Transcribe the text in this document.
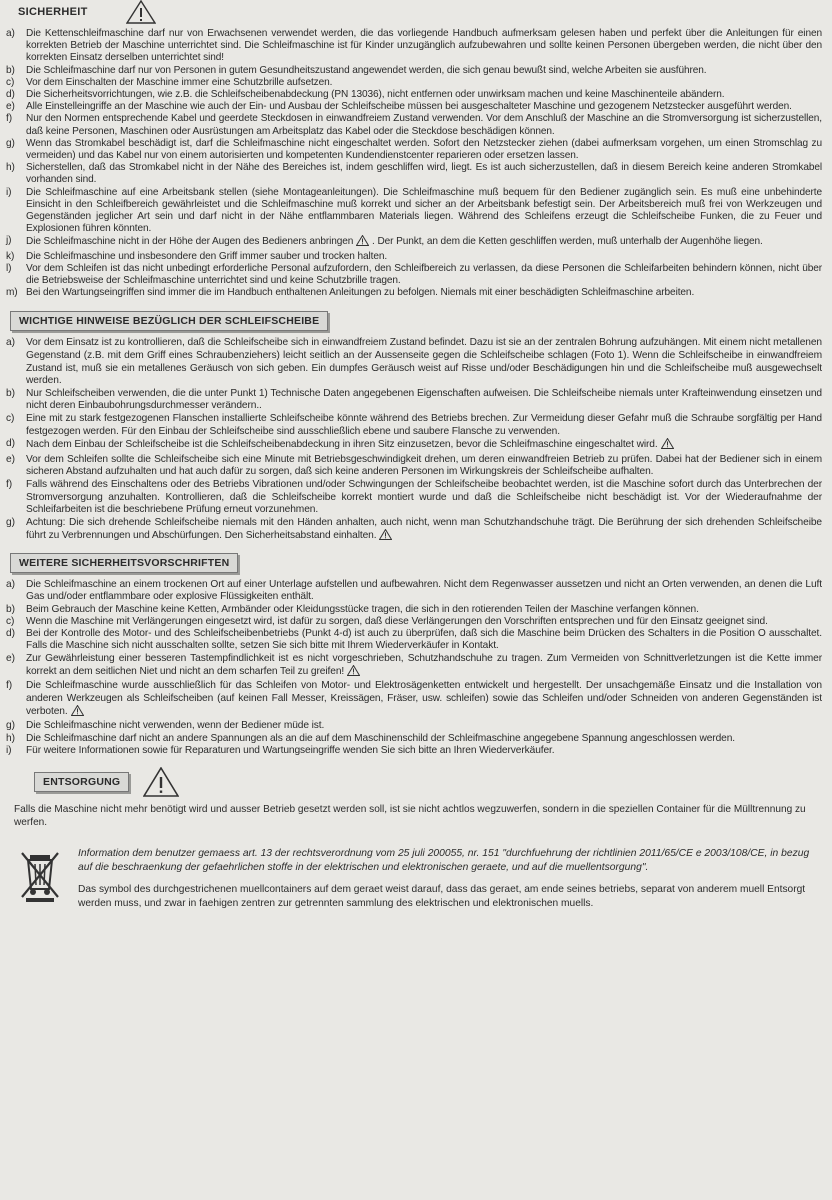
SICHERHEIT
a)	Die Kettenschleifmaschine darf nur von Erwachsenen verwendet werden, die das vorliegende Handbuch aufmerksam gelesen haben und perfekt über die Anleitungen für einen korrekten Betrieb der Maschine unterrichtet sind. Die Schleifmaschine ist für Kinder unzugänglich aufzubewahren und sollte keinen Personen übergeben werden, die nicht über den korrekten Einsatz derselben unterrichtet sind!
b)	Die Schleifmaschine darf nur von Personen in gutem Gesundheitszustand angewendet werden, die sich genau bewußt sind, welche Arbeiten sie ausführen.
c)	Vor dem Einschalten der Maschine immer eine Schutzbrille aufsetzen.
d)	Die Sicherheitsvorrichtungen, wie z.B. die Schleifscheibenabdeckung (PN 13036), nicht entfernen oder unwirksam machen und keine Maschinenteile abändern.
e)	Alle Einstelleingriffe an der Maschine wie auch der Ein- und Ausbau der Schleifscheibe müssen bei ausgeschalteter Maschine und gezogenem Netzstecker ausgeführt werden.
f)	Nur den Normen entsprechende Kabel und geerdete Steckdosen in einwandfreiem Zustand verwenden. Vor dem Anschluß der Maschine an die Stromversorgung ist sicherzustellen, daß keine Personen, Maschinen oder Ausrüstungen am Arbeitsplatz das Kabel oder die Steckdose beschädigen können.
g)	Wenn das Stromkabel beschädigt ist, darf die Schleifmaschine nicht eingeschaltet werden. Sofort den Netzstecker ziehen (dabei aufmerksam vorgehen, um einen Stromschlag zu vermeiden) und das Kabel nur von einem autorisierten und kompetenten Kundendienstcenter reparieren oder ersetzen lassen.
h)	Sicherstellen, daß das Stromkabel nicht in der Nähe des Bereiches ist, indem geschliffen wird, liegt. Es ist auch sicherzustellen, daß in diesem Bereich keine anderen Stromkabel vorhanden sind.
i)	Die Schleifmaschine auf eine Arbeitsbank stellen (siehe Montageanleitungen). Die Schleifmaschine muß bequem für den Bediener zugänglich sein. Es muß eine unbehinderte Einsicht in den Schleifbereich gewährleistet und die Schleifmaschine muß korrekt und sicher an der Arbeitsbank befestigt sein. Der Arbeitsbereich muß frei von Werkzeugen und Gegenständen jeglicher Art sein und darf nicht in der Nähe entflammbaren Materials liegen. Während des Schleifens erzeugt die Schleifscheibe Funken, die zu Feuer und Explosionen führen könnten.
j)	Die Schleifmaschine nicht in der Höhe der Augen des Bedieners anbringen . Der Punkt, an dem die Ketten geschliffen werden, muß unterhalb der Augenhöhe liegen.
k)	Die Schleifmaschine und insbesondere den Griff immer sauber und trocken halten.
l)	Vor dem Schleifen ist das nicht unbedingt erforderliche Personal aufzufordern, den Schleifbereich zu verlassen, da diese Personen die Schleifarbeiten behindern können, nicht über die Betriebsweise der Schleifmaschine unterrichtet sind und keine Schutzbrille tragen.
m) Bei den Wartungseingriffen sind immer die im Handbuch enthaltenen Anleitungen zu befolgen. Niemals mit einer beschädigten Schleifmaschine arbeiten.
WICHTIGE HINWEISE BEZÜGLICH DER SCHLEIFSCHEIBE
a)	Vor dem Einsatz ist zu kontrollieren, daß die Schleifscheibe sich in einwandfreiem Zustand befindet. Dazu ist sie an der zentralen Bohrung aufzuhängen. Mit einem nicht metallenen Gegenstand (z.B. mit dem Griff eines Schraubenziehers) leicht seitlich an der Aussenseite gegen die Schleifscheibe schlagen (Foto 1). Wenn die Schleifscheibe in einwandfreiem Zustand ist, muß sie ein metallenes Geräusch von sich geben. Ein dumpfes Geräusch weist auf Risse und/oder Beschädigungen hin und die Schleifscheibe muß ausgewechselt werden.
b)	Nur Schleifscheiben verwenden, die die unter Punkt 1) Technische Daten angegebenen Eigenschaften aufweisen. Die Schleifscheibe niemals unter Krafteinwendung einsetzen und nicht deren Einbaubohrungsdurchmesser verändern..
c)	Eine mit zu stark festgezogenen Flanschen installierte Schleifscheibe könnte während des Betriebs brechen. Zur Vermeidung dieser Gefahr muß die Schraube sorgfältig per Hand festgezogen werden. Für den Einbau der Schleifscheibe sind ausschließlich ebene und saubere Flansche zu verwenden.
d)	Nach dem Einbau der Schleifscheibe ist die Schleifscheibenabdeckung in ihren Sitz einzusetzen, bevor die Schleifmaschine eingeschaltet wird.
e)	Vor dem Schleifen sollte die Schleifscheibe sich eine Minute mit Betriebsgeschwindigkeit drehen, um deren einwandfreien Betrieb zu prüfen. Dabei hat der Bediener sich in einem sicheren Abstand aufzuhalten und hat auch dafür zu sorgen, daß sich keine anderen Personen im Wirkungskreis der Schleifscheibe aufhalten.
f)	Falls während des Einschaltens oder des Betriebs Vibrationen und/oder Schwingungen der Schleifscheibe beobachtet werden, ist die Maschine sofort durch das Unterbrechen der Stromversorgung anzuhalten. Kontrollieren, daß die Schleifscheibe korrekt montiert wurde und daß die Schleifscheibe nicht beschädigt ist. Vor der Wiederaufnahme der Schleifarbeiten ist die beschriebene Prüfung erneut vorzunehmen.
g)	Achtung: Die sich drehende Schleifscheibe niemals mit den Händen anhalten, auch nicht, wenn man Schutzhandschuhe trägt. Die Berührung der sich drehenden Schleifscheibe führt zu Verbrennungen und Abschürfungen. Den Sicherheitsabstand einhalten.
WEITERE SICHERHEITSVORSCHRIFTEN
a)	Die Schleifmaschine an einem trockenen Ort auf einer Unterlage aufstellen und aufbewahren. Nicht dem Regenwasser aussetzen und nicht an Orten verwenden, an denen die Luft Gas und/oder entflammbare oder explosive Flüssigkeiten enthält.
b)	Beim Gebrauch der Maschine keine Ketten, Armbänder oder Kleidungsstücke tragen, die sich in den rotierenden Teilen der Maschine verfangen können.
c)	Wenn die Maschine mit Verlängerungen eingesetzt wird, ist dafür zu sorgen, daß diese Verlängerungen den Vorschriften entsprechen und für den Einsatz geeignet sind.
d)	Bei der Kontrolle des Motor- und des Schleifscheibenbetriebs (Punkt 4-d) ist auch zu überprüfen, daß sich die Maschine beim Drücken des Schalters in die Position O ausschaltet. Falls die Maschine sich nicht ausschalten sollte, setzen Sie sich bitte mit Ihrem Wiederverkäufer in Kontakt.
e)	Zur Gewährleistung einer besseren Tastempfindlichkeit ist es nicht vorgeschrieben, Schutzhandschuhe zu tragen. Zum Vermeiden von Schnittverletzungen ist die Kette immer korrekt an dem seitlichen Niet und nicht an dem scharfen Teil zu greifen!
f)	Die Schleifmaschine wurde ausschließlich für das Schleifen von Motor- und Elektrosägenketten entwickelt und hergestellt. Der unsachgemäße Einsatz und die Installation von anderen Werkzeugen als Schleifscheiben (auf keinen Fall Messer, Kreissägen, Fräser, usw. schleifen) sowie das Schleifen und/oder Schneiden von anderen Gegenständen ist verboten.
g)	Die Schleifmaschine nicht verwenden, wenn der Bediener müde ist.
h)	Die Schleifmaschine darf nicht an andere Spannungen als an die auf dem Maschinenschild der Schleifmaschine angegebene Spannung angeschlossen werden.
i)	Für weitere Informationen sowie für Reparaturen und Wartungseingriffe wenden Sie sich bitte an Ihren Wiederverkäufer.
ENTSORGUNG
Falls die Maschine nicht mehr benötigt wird und ausser Betrieb gesetzt werden soll, ist sie nicht achtlos wegzuwerfen, sondern in die speziellen Container für die Mülltrennung zu werfen.
Information dem benutzer gemaess art. 13 der rechtsverordnung vom 25 juli 200055, nr. 151 "durchfuehrung der richtlinien 2011/65/CE e 2003/108/CE, in bezug auf die beschraenkung der gefaehrlichen stoffe in der elektrischen und elektronischen geraete, und auf die muellentsorgung".
Das symbol des durchgestrichenen muellcontainers auf dem geraet weist darauf, dass das geraet, am ende seines betriebs, separat von anderem muell Entsorgt werden muss, und zwar in faehigen zentren zur getrennten sammlung des elektrischen und elektronischen muells.
